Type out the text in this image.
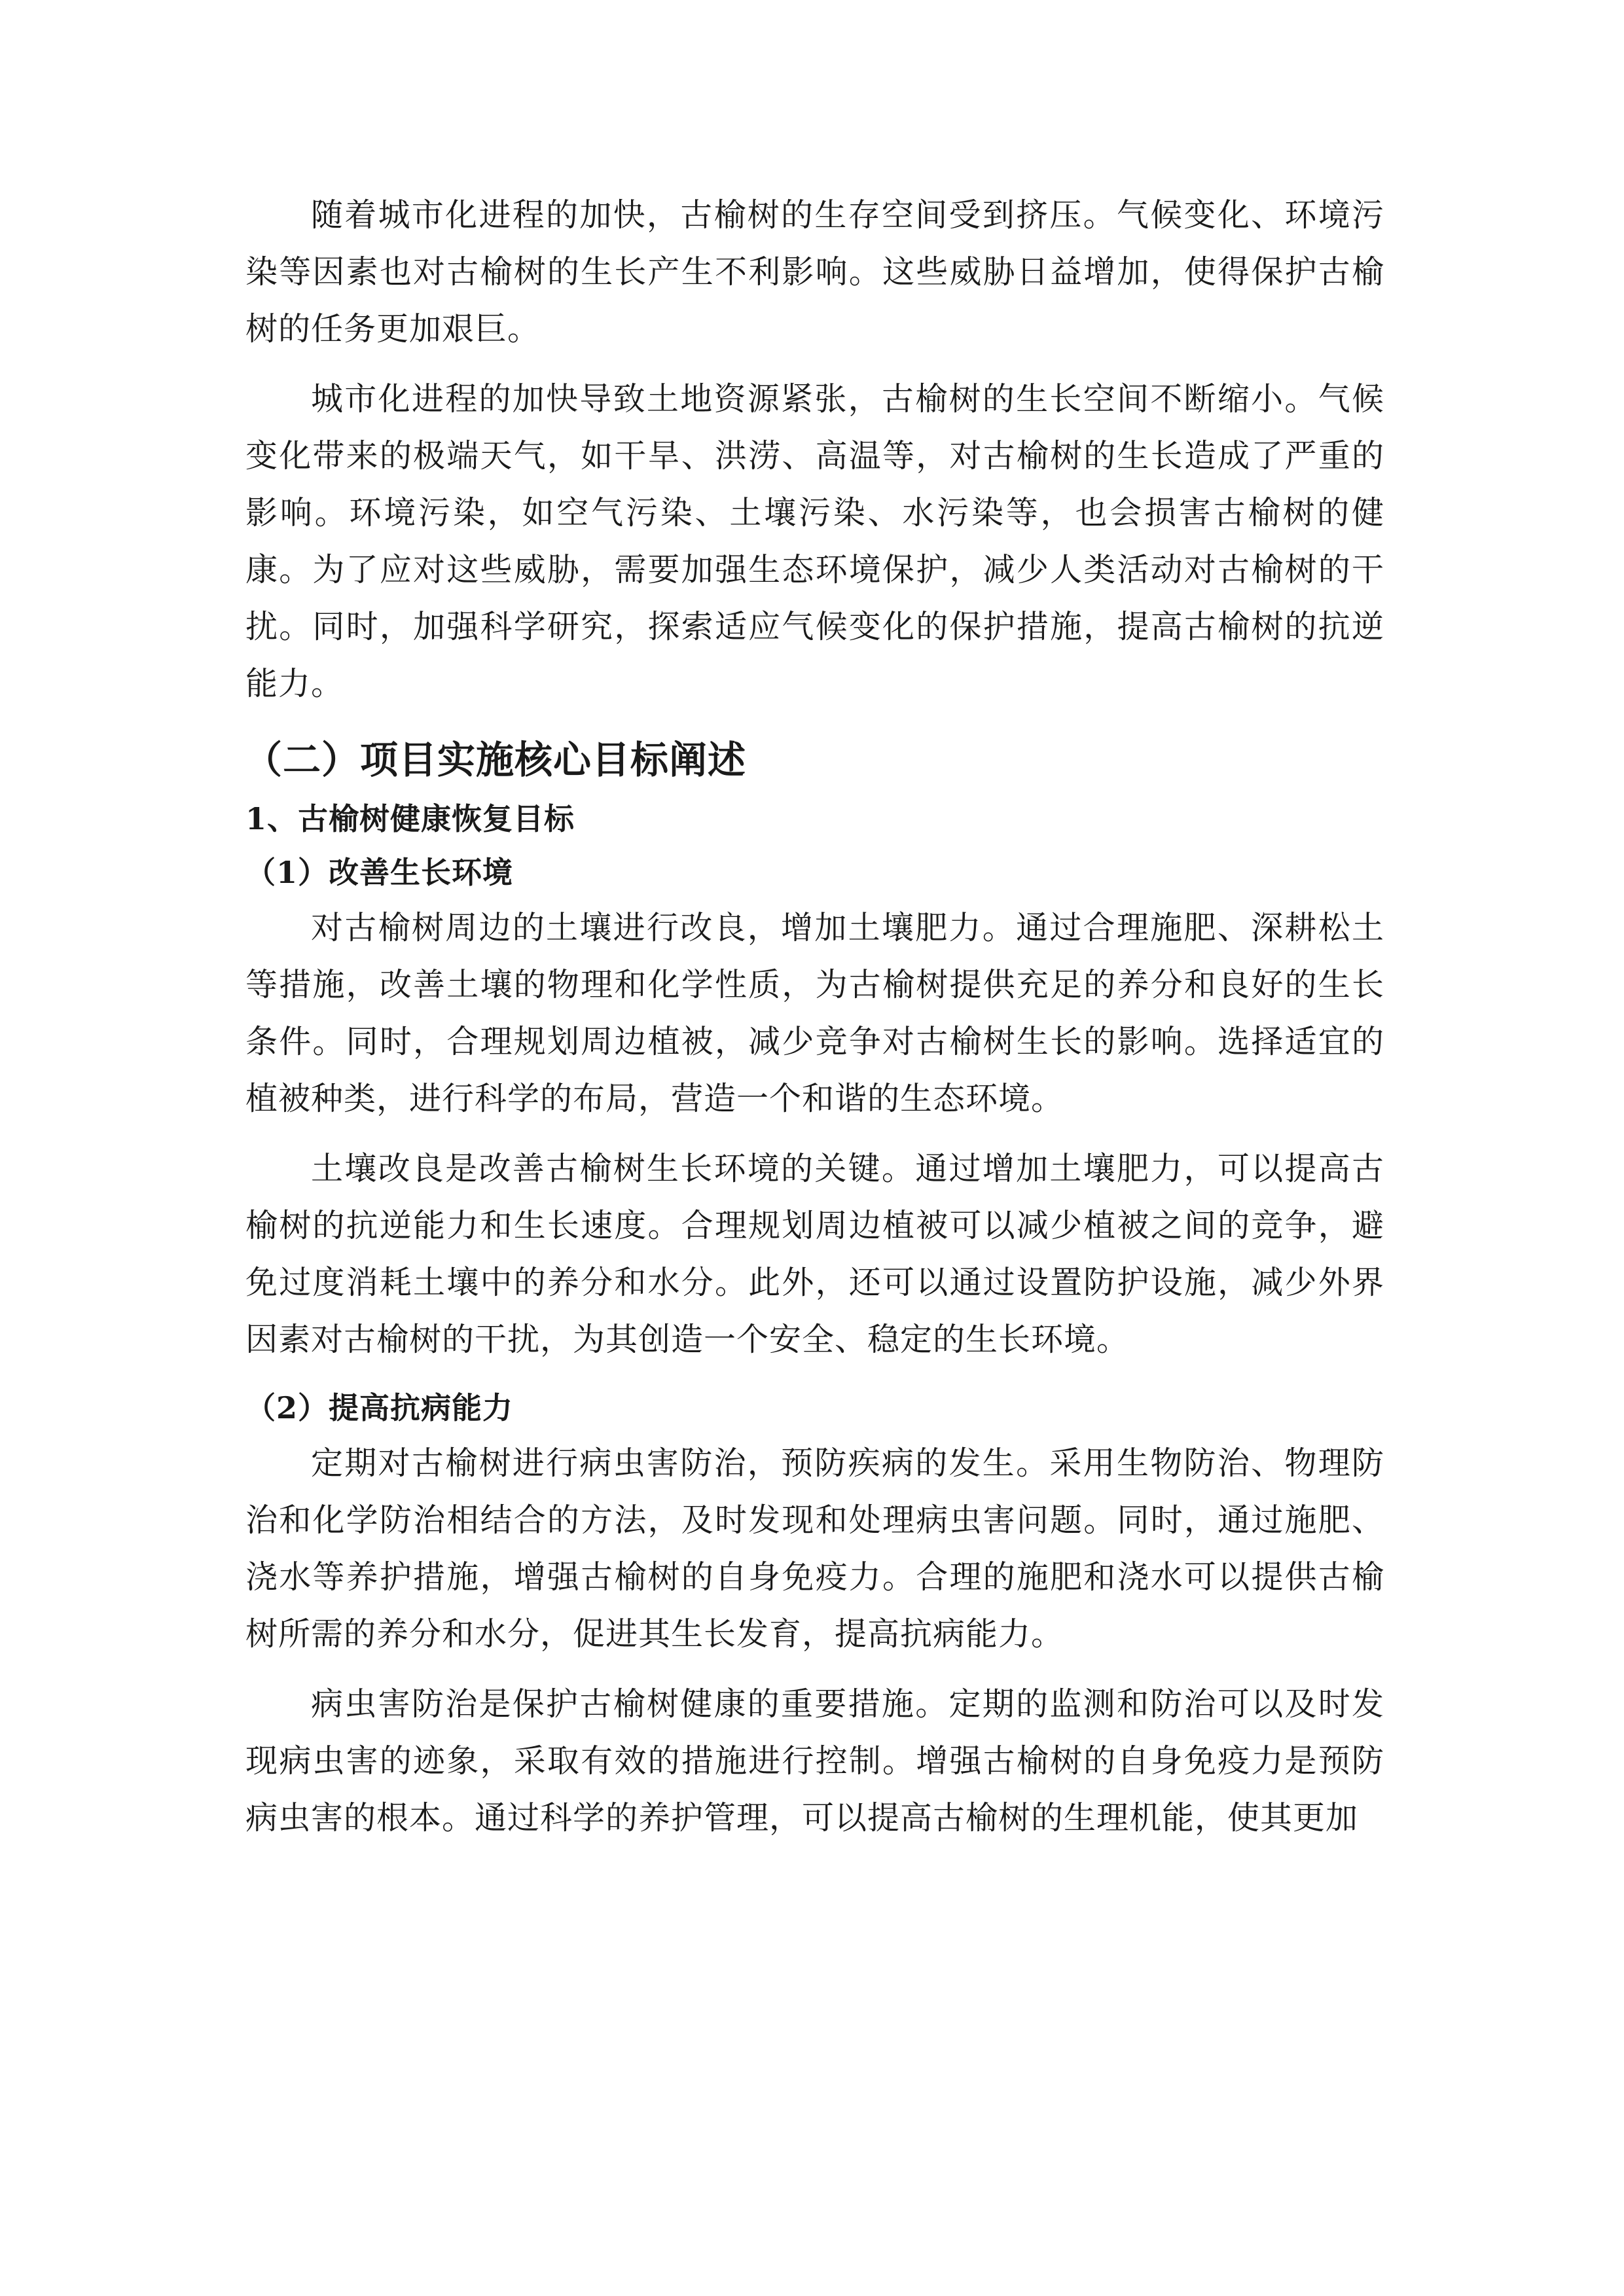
随着城市化进程的加快，古榆树的生存空间受到挤压。气候变化、环境污染等因素也对古榆树的生长产生不利影响。这些威胁日益增加，使得保护古榆树的任务更加艰巨。

城市化进程的加快导致土地资源紧张，古榆树的生长空间不断缩小。气候变化带来的极端天气，如干旱、洪涝、高温等，对古榆树的生长造成了严重的影响。环境污染，如空气污染、土壤污染、水污染等，也会损害古榆树的健康。为了应对这些威胁，需要加强生态环境保护，减少人类活动对古榆树的干扰。同时，加强科学研究，探索适应气候变化的保护措施，提高古榆树的抗逆能力。

（二）项目实施核心目标阐述
1、古榆树健康恢复目标
（1）改善生长环境

对古榆树周边的土壤进行改良，增加土壤肥力。通过合理施肥、深耕松土等措施，改善土壤的物理和化学性质，为古榆树提供充足的养分和良好的生长条件。同时，合理规划周边植被，减少竞争对古榆树生长的影响。选择适宜的植被种类，进行科学的布局，营造一个和谐的生态环境。

土壤改良是改善古榆树生长环境的关键。通过增加土壤肥力，可以提高古榆树的抗逆能力和生长速度。合理规划周边植被可以减少植被之间的竞争，避免过度消耗土壤中的养分和水分。此外，还可以通过设置防护设施，减少外界因素对古榆树的干扰，为其创造一个安全、稳定的生长环境。

（2）提高抗病能力

定期对古榆树进行病虫害防治，预防疾病的发生。采用生物防治、物理防治和化学防治相结合的方法，及时发现和处理病虫害问题。同时，通过施肥、浇水等养护措施，增强古榆树的自身免疫力。合理的施肥和浇水可以提供古榆树所需的养分和水分，促进其生长发育，提高抗病能力。

病虫害防治是保护古榆树健康的重要措施。定期的监测和防治可以及时发现病虫害的迹象，采取有效的措施进行控制。增强古榆树的自身免疫力是预防病虫害的根本。通过科学的养护管理，可以提高古榆树的生理机能，使其更加
